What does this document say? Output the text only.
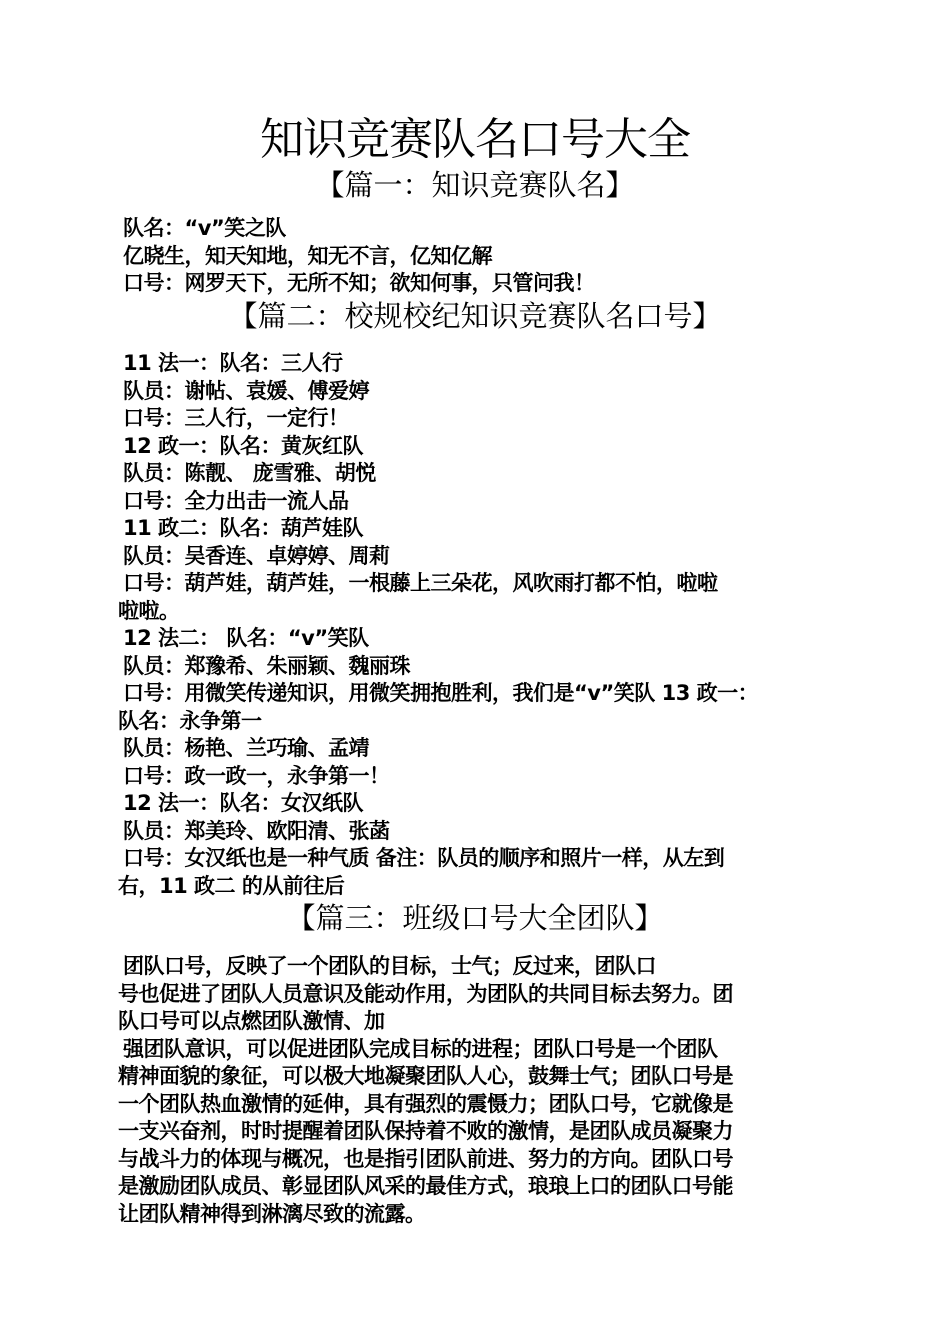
知识竞赛队名口号大全
【篇一：知识竞赛队名】
队名：“v”笑之队
亿晓生，知天知地，知无不言，亿知亿解
口号：网罗天下，无所不知；欲知何事，只管问我！
【篇二：校规校纪知识竞赛队名口号】
11 法一：队名：三人行
队员：谢帖、袁媛、傅爱婷
口号：三人行，一定行！
12 政一：队名：黄灰红队
队员：陈靓、 庞雪雅、胡悦
口号：全力出击一流人品
11 政二：队名：葫芦娃队
队员：吴香连、卓婷婷、周莉
口号：葫芦娃，葫芦娃，一根藤上三朵花，风吹雨打都不怕，啦啦
啦啦。
12 法二： 队名：“v”笑队
队员：郑豫希、朱丽颖、魏丽珠
口号：用微笑传递知识，用微笑拥抱胜利，我们是“v”笑队 13 政一：
队名：永争第一
队员：杨艳、兰巧瑜、孟靖
口号：政一政一，永争第一！
12 法一：队名：女汉纸队
队员：郑美玲、欧阳清、张菡
口号：女汉纸也是一种气质 备注：队员的顺序和照片一样，从左到
右，11 政二 的从前往后
【篇三：班级口号大全团队】
团队口号，反映了一个团队的目标，士气；反过来，团队口
号也促进了团队人员意识及能动作用，为团队的共同目标去努力。团
队口号可以点燃团队激情、加
强团队意识，可以促进团队完成目标的进程；团队口号是一个团队
精神面貌的象征，可以极大地凝聚团队人心，鼓舞士气；团队口号是
一个团队热血激情的延伸，具有强烈的震慑力；团队口号，它就像是
一支兴奋剂，时时提醒着团队保持着不败的激情，是团队成员凝聚力
与战斗力的体现与概况，也是指引团队前进、努力的方向。团队口号
是激励团队成员、彰显团队风采的最佳方式，琅琅上口的团队口号能
让团队精神得到淋漓尽致的流露。
